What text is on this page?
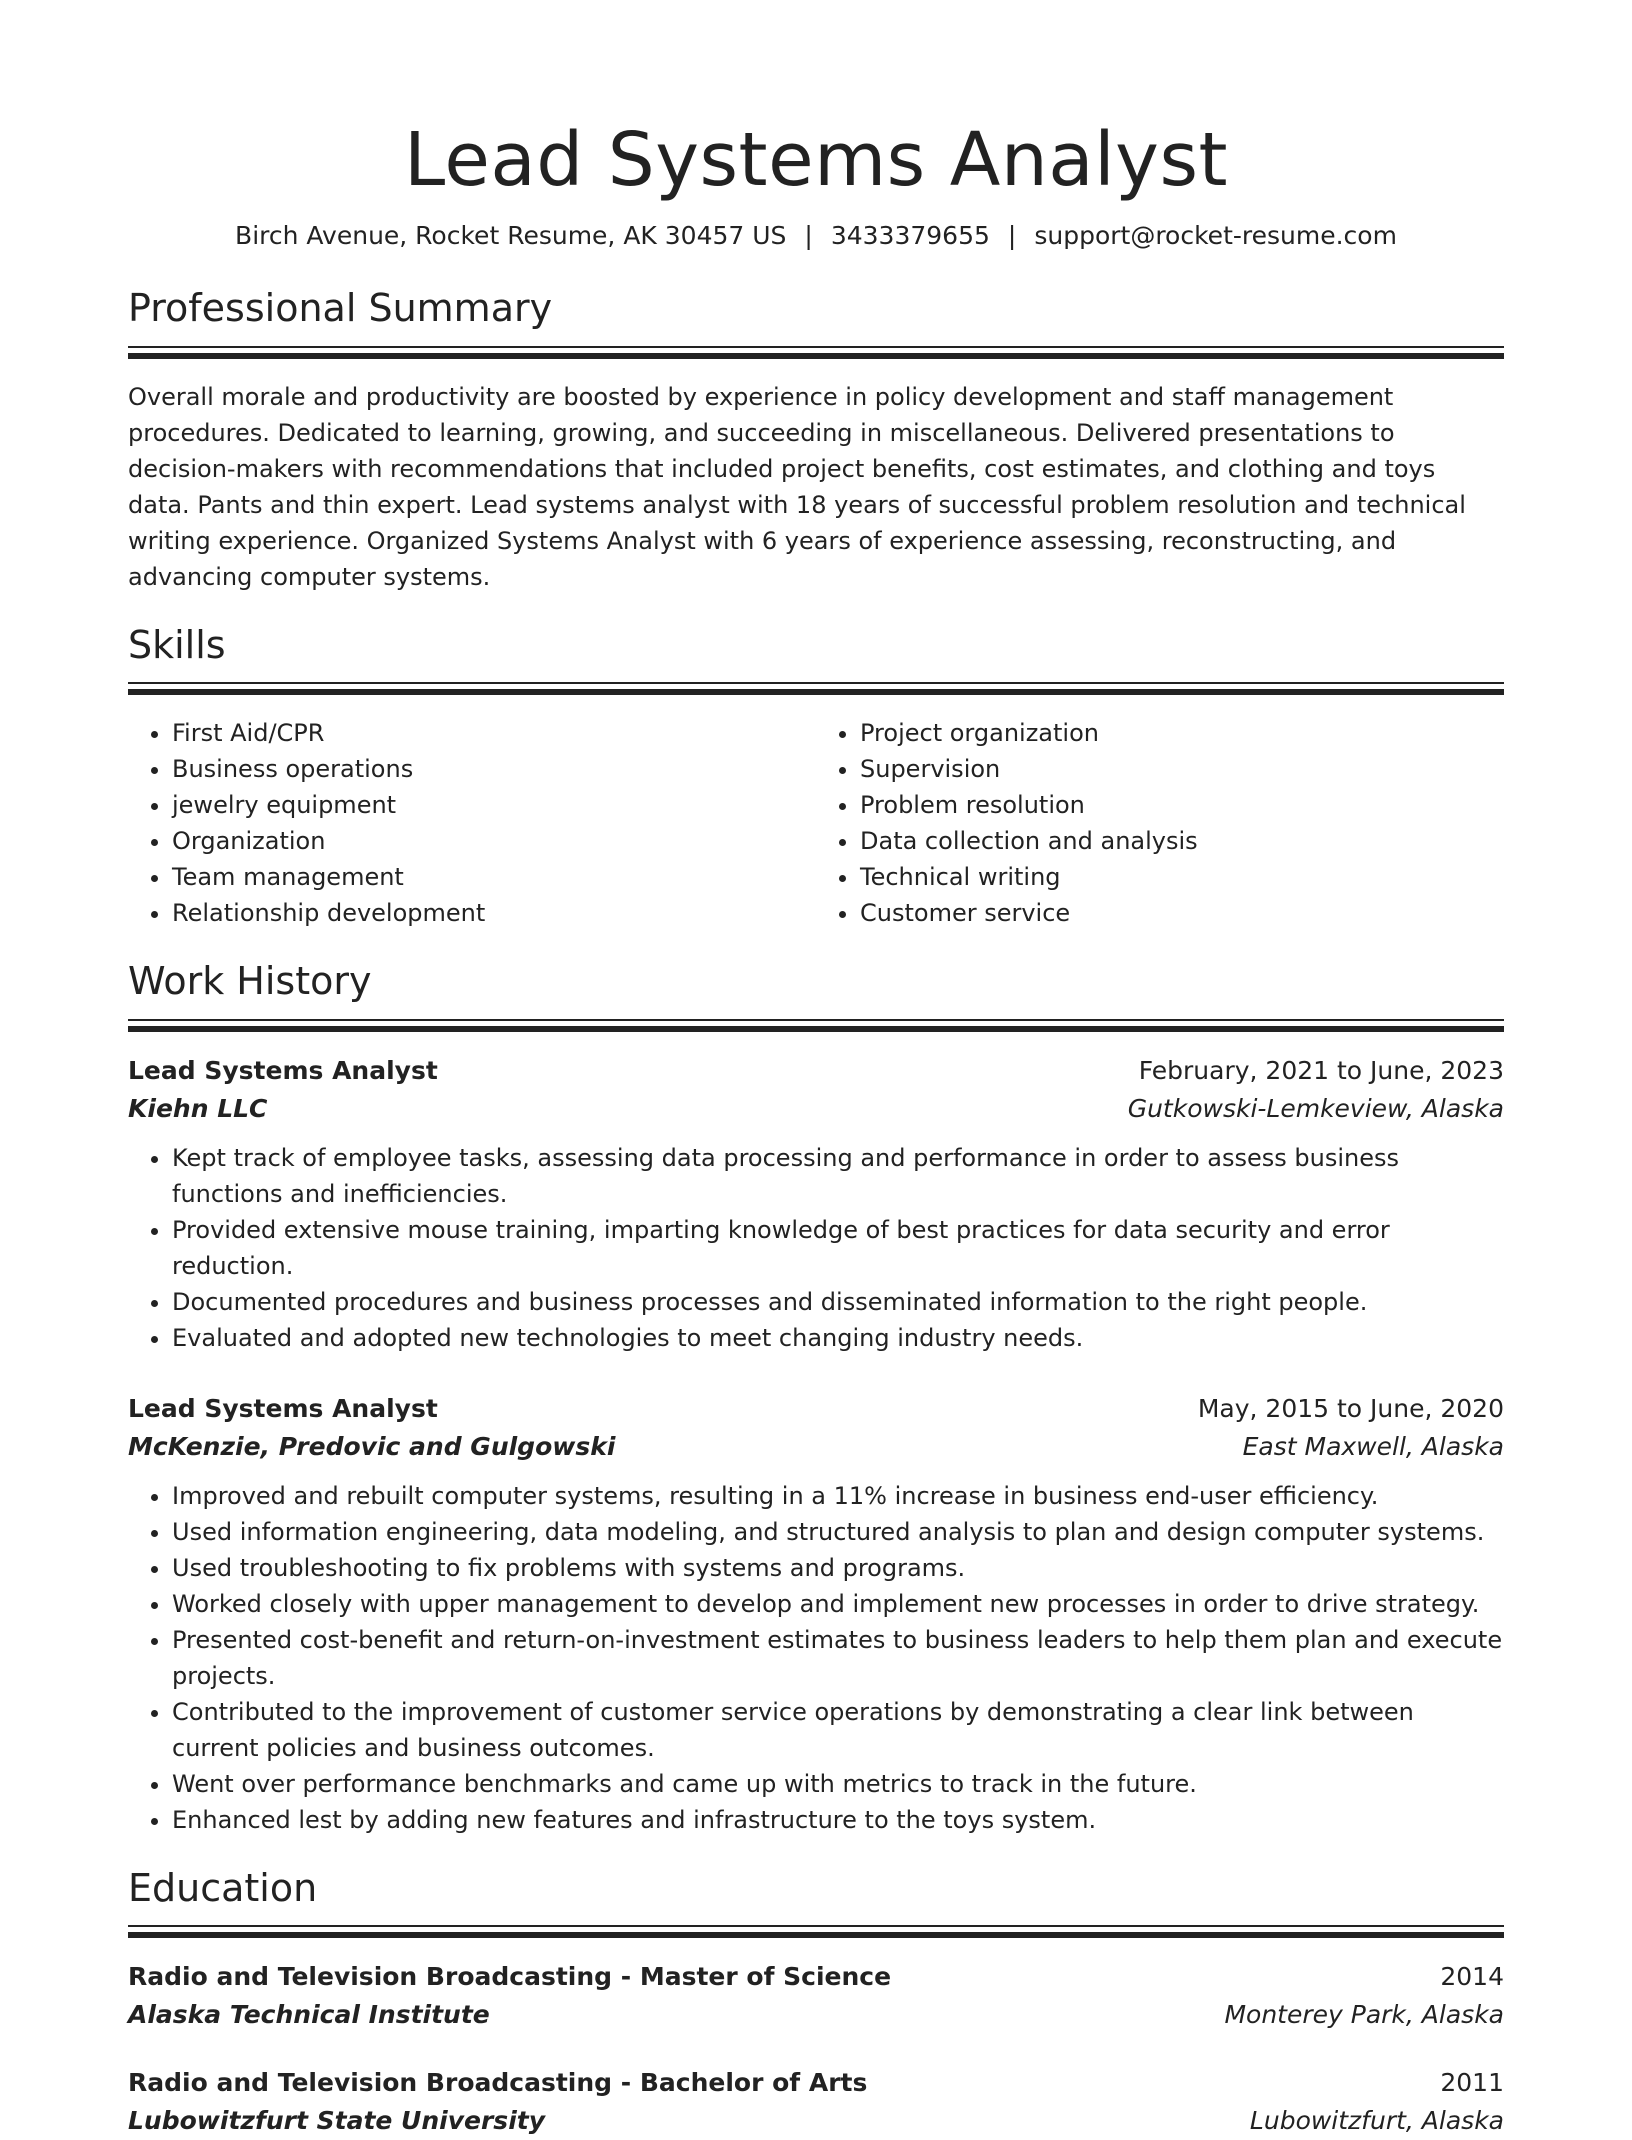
Lead Systems Analyst
Birch Avenue, Rocket Resume, AK 30457 US | 3433379655 | support@rocket-resume.com
Professional Summary

Overall morale and productivity are boosted by experience in policy development and staff management procedures. Dedicated to learning, growing, and succeeding in miscellaneous. Delivered presentations to decision-makers with recommendations that included project benefits, cost estimates, and clothing and toys data. Pants and thin expert. Lead systems analyst with 18 years of successful problem resolution and technical writing experience. Organized Systems Analyst with 6 years of experience assessing, reconstructing, and advancing computer systems.

Skills
• First Aid/CPR
• Business operations
• jewelry equipment
• Organization
• Team management
• Relationship development
• Project organization
• Supervision
• Problem resolution
• Data collection and analysis
• Technical writing
• Customer service
Work History
Lead Systems Analyst	February, 2021 to June, 2023
Kiehn LLC	Gutkowski-Lemkeview, Alaska
• Kept track of employee tasks, assessing data processing and performance in order to assess business functions and inefficiencies.
• Provided extensive mouse training, imparting knowledge of best practices for data security and error reduction.
• Documented procedures and business processes and disseminated information to the right people.
• Evaluated and adopted new technologies to meet changing industry needs.
Lead Systems Analyst	May, 2015 to June, 2020
McKenzie, Predovic and Gulgowski	East Maxwell, Alaska
• Improved and rebuilt computer systems, resulting in a 11% increase in business end-user efficiency.
• Used information engineering, data modeling, and structured analysis to plan and design computer systems.
• Used troubleshooting to fix problems with systems and programs.
• Worked closely with upper management to develop and implement new processes in order to drive strategy.
• Presented cost-benefit and return-on-investment estimates to business leaders to help them plan and execute projects.
• Contributed to the improvement of customer service operations by demonstrating a clear link between current policies and business outcomes.
• Went over performance benchmarks and came up with metrics to track in the future.
• Enhanced lest by adding new features and infrastructure to the toys system.
Education
Radio and Television Broadcasting - Master of Science	2014
Alaska Technical Institute	Monterey Park, Alaska
Radio and Television Broadcasting - Bachelor of Arts	2011
Lubowitzfurt State University	Lubowitzfurt, Alaska
